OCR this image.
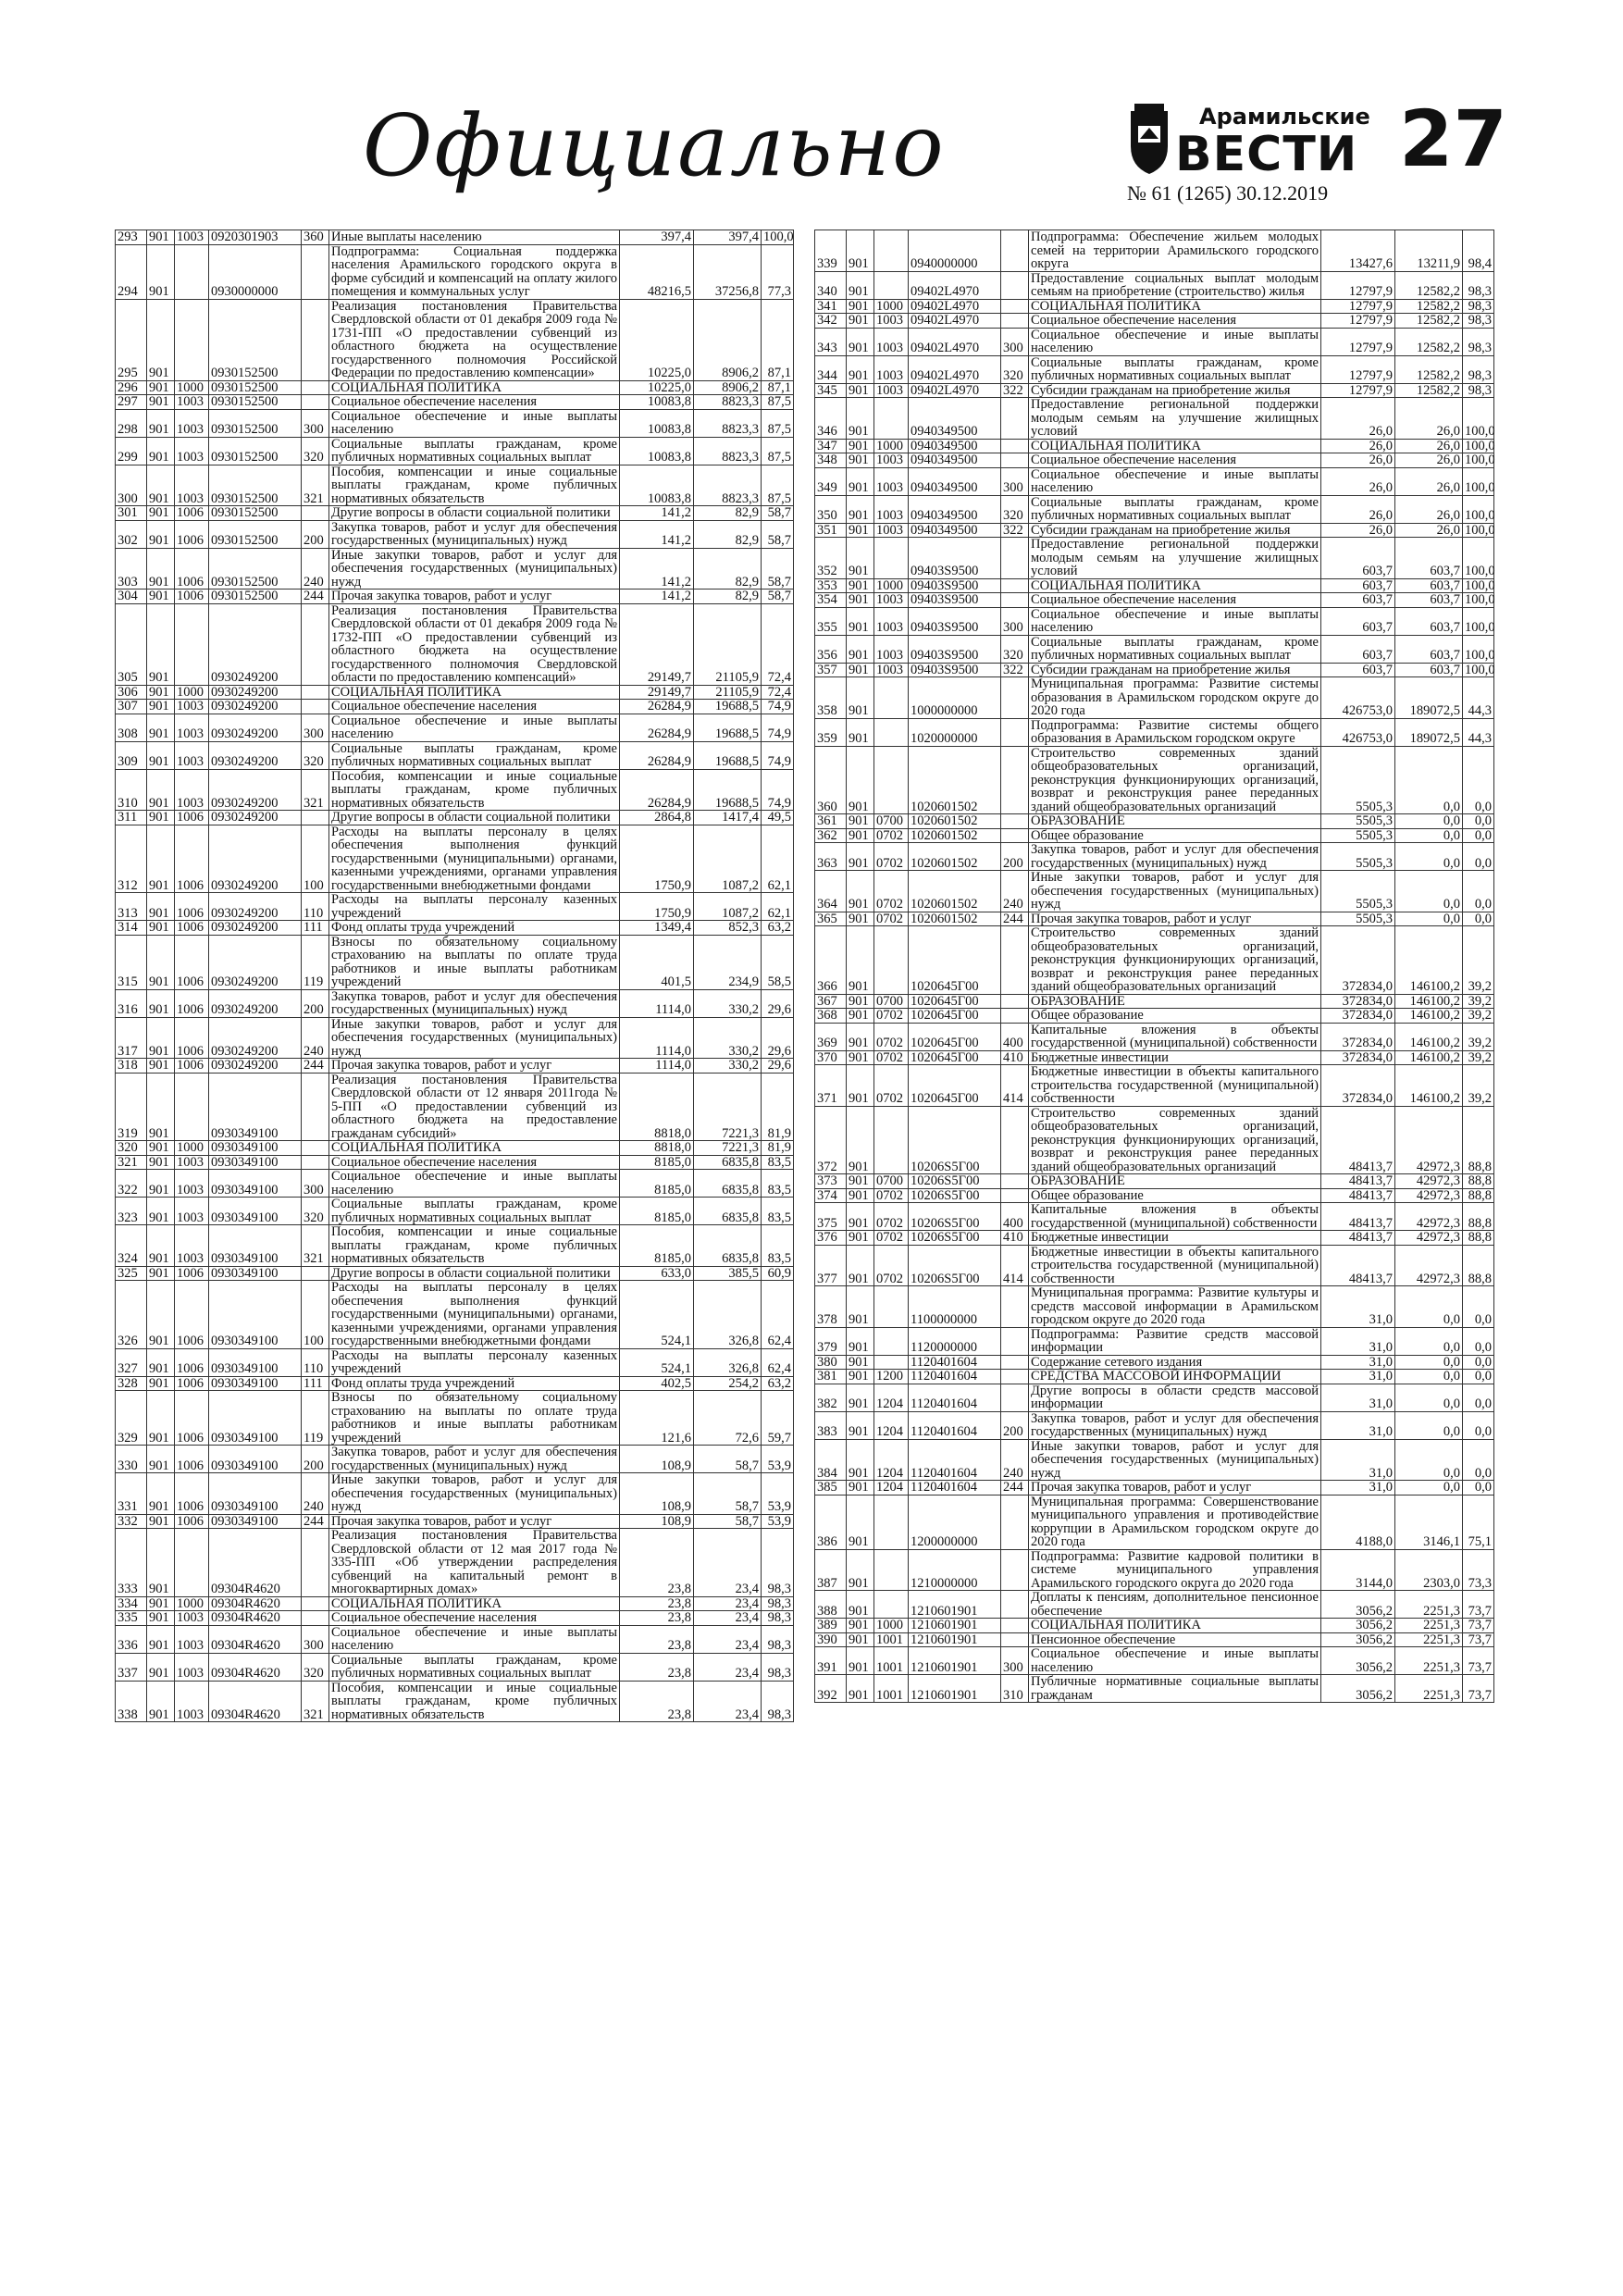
Официально	Арамильские
ВЕСТИ 27
№ 61 (1265) 30.12.2019
293	901	1003	0920301903	360	Иные выплаты населению	397,4	397,4	100,0
294	901		0930000000		Подпрограмма: Социальная поддержка населения Арамильского городского округа в форме субсидий и компенсаций на оплату жилого помещения и коммунальных услуг	48216,5	37256,8	77,3
295	901		0930152500		Реализация постановления Правительства Свердловской области от 01 декабря 2009 года № 1731-ПП «О предоставлении субвенций из областного бюджета на осуществление государственного полномочия Российской Федерации по предоставлению компенсации»	10225,0	8906,2	87,1
296	901	1000	0930152500		СОЦИАЛЬНАЯ ПОЛИТИКА	10225,0	8906,2	87,1
297	901	1003	0930152500		Социальное обеспечение населения	10083,8	8823,3	87,5
298	901	1003	0930152500	300	Социальное обеспечение и иные выплаты населению	10083,8	8823,3	87,5
299	901	1003	0930152500	320	Социальные выплаты гражданам, кроме публичных нормативных социальных выплат	10083,8	8823,3	87,5
300	901	1003	0930152500	321	Пособия, компенсации и иные социальные выплаты гражданам, кроме публичных нормативных обязательств	10083,8	8823,3	87,5
301	901	1006	0930152500		Другие вопросы в области социальной политики	141,2	82,9	58,7
302	901	1006	0930152500	200	Закупка товаров, работ и услуг для обеспечения государственных (муниципальных) нужд	141,2	82,9	58,7
303	901	1006	0930152500	240	Иные закупки товаров, работ и услуг для обеспечения государственных (муниципальных) нужд	141,2	82,9	58,7
304	901	1006	0930152500	244	Прочая закупка товаров, работ и услуг	141,2	82,9	58,7
305	901		0930249200		Реализация постановления Правительства Свердловской области от 01 декабря 2009 года № 1732-ПП «О предоставлении субвенций из областного бюджета на осуществление государственного полномочия Свердловской области по предоставлению компенсаций»	29149,7	21105,9	72,4
306	901	1000	0930249200		СОЦИАЛЬНАЯ ПОЛИТИКА	29149,7	21105,9	72,4
307	901	1003	0930249200		Социальное обеспечение населения	26284,9	19688,5	74,9
308	901	1003	0930249200	300	Социальное обеспечение и иные выплаты населению	26284,9	19688,5	74,9
309	901	1003	0930249200	320	Социальные выплаты гражданам, кроме публичных нормативных социальных выплат	26284,9	19688,5	74,9
310	901	1003	0930249200	321	Пособия, компенсации и иные социальные выплаты гражданам, кроме публичных нормативных обязательств	26284,9	19688,5	74,9
311	901	1006	0930249200		Другие вопросы в области социальной политики	2864,8	1417,4	49,5
312	901	1006	0930249200	100	Расходы на выплаты персоналу в целях обеспечения выполнения функций государственными (муниципальными) органами, казенными учреждениями, органами управления государственными внебюджетными фондами	1750,9	1087,2	62,1
313	901	1006	0930249200	110	Расходы на выплаты персоналу казенных учреждений	1750,9	1087,2	62,1
314	901	1006	0930249200	111	Фонд оплаты труда учреждений	1349,4	852,3	63,2
315	901	1006	0930249200	119	Взносы по обязательному социальному страхованию на выплаты по оплате труда работников и иные выплаты работникам учреждений	401,5	234,9	58,5
316	901	1006	0930249200	200	Закупка товаров, работ и услуг для обеспечения государственных (муниципальных) нужд	1114,0	330,2	29,6
317	901	1006	0930249200	240	Иные закупки товаров, работ и услуг для обеспечения государственных (муниципальных) нужд	1114,0	330,2	29,6
318	901	1006	0930249200	244	Прочая закупка товаров, работ и услуг	1114,0	330,2	29,6
319	901		0930349100		Реализация постановления Правительства Свердловской области от 12 января 2011года № 5-ПП «О предоставлении субвенций из областного бюджета на предоставление гражданам субсидий»	8818,0	7221,3	81,9
320	901	1000	0930349100		СОЦИАЛЬНАЯ ПОЛИТИКА	8818,0	7221,3	81,9
321	901	1003	0930349100		Социальное обеспечение населения	8185,0	6835,8	83,5
322	901	1003	0930349100	300	Социальное обеспечение и иные выплаты населению	8185,0	6835,8	83,5
323	901	1003	0930349100	320	Социальные выплаты гражданам, кроме публичных нормативных социальных выплат	8185,0	6835,8	83,5
324	901	1003	0930349100	321	Пособия, компенсации и иные социальные выплаты гражданам, кроме публичных нормативных обязательств	8185,0	6835,8	83,5
325	901	1006	0930349100		Другие вопросы в области социальной политики	633,0	385,5	60,9
326	901	1006	0930349100	100	Расходы на выплаты персоналу в целях обеспечения выполнения функций государственными (муниципальными) органами, казенными учреждениями, органами управления государственными внебюджетными фондами	524,1	326,8	62,4
327	901	1006	0930349100	110	Расходы на выплаты персоналу казенных учреждений	524,1	326,8	62,4
328	901	1006	0930349100	111	Фонд оплаты труда учреждений	402,5	254,2	63,2
329	901	1006	0930349100	119	Взносы по обязательному социальному страхованию на выплаты по оплате труда работников и иные выплаты работникам учреждений	121,6	72,6	59,7
330	901	1006	0930349100	200	Закупка товаров, работ и услуг для обеспечения государственных (муниципальных) нужд	108,9	58,7	53,9
331	901	1006	0930349100	240	Иные закупки товаров, работ и услуг для обеспечения государственных (муниципальных) нужд	108,9	58,7	53,9
332	901	1006	0930349100	244	Прочая закупка товаров, работ и услуг	108,9	58,7	53,9
333	901		09304R4620		Реализация постановления Правительства Свердловской области от 12 мая 2017 года № 335-ПП «Об утверждении распределения субвенций на капитальный ремонт в многоквартирных домах»	23,8	23,4	98,3
334	901	1000	09304R4620		СОЦИАЛЬНАЯ ПОЛИТИКА	23,8	23,4	98,3
335	901	1003	09304R4620		Социальное обеспечение населения	23,8	23,4	98,3
336	901	1003	09304R4620	300	Социальное обеспечение и иные выплаты населению	23,8	23,4	98,3
337	901	1003	09304R4620	320	Социальные выплаты гражданам, кроме публичных нормативных социальных выплат	23,8	23,4	98,3
338	901	1003	09304R4620	321	Пособия, компенсации и иные социальные выплаты гражданам, кроме публичных нормативных обязательств	23,8	23,4	98,3
339	901		0940000000		Подпрограмма: Обеспечение жильем молодых семей на территории Арамильского городского округа	13427,6	13211,9	98,4
340	901		09402L4970		Предоставление социальных выплат молодым семьям на приобретение (строительство) жилья	12797,9	12582,2	98,3
341	901	1000	09402L4970		СОЦИАЛЬНАЯ ПОЛИТИКА	12797,9	12582,2	98,3
342	901	1003	09402L4970		Социальное обеспечение населения	12797,9	12582,2	98,3
343	901	1003	09402L4970	300	Социальное обеспечение и иные выплаты населению	12797,9	12582,2	98,3
344	901	1003	09402L4970	320	Социальные выплаты гражданам, кроме публичных нормативных социальных выплат	12797,9	12582,2	98,3
345	901	1003	09402L4970	322	Субсидии гражданам на приобретение жилья	12797,9	12582,2	98,3
346	901		0940349500		Предоставление региональной поддержки молодым семьям на улучшение жилищных условий	26,0	26,0	100,0
347	901	1000	0940349500		СОЦИАЛЬНАЯ ПОЛИТИКА	26,0	26,0	100,0
348	901	1003	0940349500		Социальное обеспечение населения	26,0	26,0	100,0
349	901	1003	0940349500	300	Социальное обеспечение и иные выплаты населению	26,0	26,0	100,0
350	901	1003	0940349500	320	Социальные выплаты гражданам, кроме публичных нормативных социальных выплат	26,0	26,0	100,0
351	901	1003	0940349500	322	Субсидии гражданам на приобретение жилья	26,0	26,0	100,0
352	901		09403S9500		Предоставление региональной поддержки молодым семьям на улучшение жилищных условий	603,7	603,7	100,0
353	901	1000	09403S9500		СОЦИАЛЬНАЯ ПОЛИТИКА	603,7	603,7	100,0
354	901	1003	09403S9500		Социальное обеспечение населения	603,7	603,7	100,0
355	901	1003	09403S9500	300	Социальное обеспечение и иные выплаты населению	603,7	603,7	100,0
356	901	1003	09403S9500	320	Социальные выплаты гражданам, кроме публичных нормативных социальных выплат	603,7	603,7	100,0
357	901	1003	09403S9500	322	Субсидии гражданам на приобретение жилья	603,7	603,7	100,0
358	901		1000000000		Муниципальная программа: Развитие системы образования в Арамильском городском округе до 2020 года	426753,0	189072,5	44,3
359	901		1020000000		Подпрограмма: Развитие системы общего образования в Арамильском городском округе	426753,0	189072,5	44,3
360	901		1020601502		Строительство современных зданий общеобразовательных организаций, реконструкция функционирующих организаций, возврат и реконструкция ранее переданных зданий общеобразовательных организаций	5505,3	0,0	0,0
361	901	0700	1020601502		ОБРАЗОВАНИЕ	5505,3	0,0	0,0
362	901	0702	1020601502		Общее образование	5505,3	0,0	0,0
363	901	0702	1020601502	200	Закупка товаров, работ и услуг для обеспечения государственных (муниципальных) нужд	5505,3	0,0	0,0
364	901	0702	1020601502	240	Иные закупки товаров, работ и услуг для обеспечения государственных (муниципальных) нужд	5505,3	0,0	0,0
365	901	0702	1020601502	244	Прочая закупка товаров, работ и услуг	5505,3	0,0	0,0
366	901		1020645Г00		Строительство современных зданий общеобразовательных организаций, реконструкция функционирующих организаций, возврат и реконструкция ранее переданных зданий общеобразовательных организаций	372834,0	146100,2	39,2
367	901	0700	1020645Г00		ОБРАЗОВАНИЕ	372834,0	146100,2	39,2
368	901	0702	1020645Г00		Общее образование	372834,0	146100,2	39,2
369	901	0702	1020645Г00	400	Капитальные вложения в объекты государственной (муниципальной) собственности	372834,0	146100,2	39,2
370	901	0702	1020645Г00	410	Бюджетные инвестиции	372834,0	146100,2	39,2
371	901	0702	1020645Г00	414	Бюджетные инвестиции в объекты капитального строительства государственной (муниципальной) собственности	372834,0	146100,2	39,2
372	901		10206S5Г00		Строительство современных зданий общеобразовательных организаций, реконструкция функционирующих организаций, возврат и реконструкция ранее переданных зданий общеобразовательных организаций	48413,7	42972,3	88,8
373	901	0700	10206S5Г00		ОБРАЗОВАНИЕ	48413,7	42972,3	88,8
374	901	0702	10206S5Г00		Общее образование	48413,7	42972,3	88,8
375	901	0702	10206S5Г00	400	Капитальные вложения в объекты государственной (муниципальной) собственности	48413,7	42972,3	88,8
376	901	0702	10206S5Г00	410	Бюджетные инвестиции	48413,7	42972,3	88,8
377	901	0702	10206S5Г00	414	Бюджетные инвестиции в объекты капитального строительства государственной (муниципальной) собственности	48413,7	42972,3	88,8
378	901		1100000000		Муниципальная программа: Развитие культуры и средств массовой информации в Арамильском городском округе до 2020 года	31,0	0,0	0,0
379	901		1120000000		Подпрограмма: Развитие средств массовой информации	31,0	0,0	0,0
380	901		1120401604		Содержание сетевого издания	31,0	0,0	0,0
381	901	1200	1120401604		СРЕДСТВА МАССОВОЙ ИНФОРМАЦИИ	31,0	0,0	0,0
382	901	1204	1120401604		Другие вопросы в области средств массовой информации	31,0	0,0	0,0
383	901	1204	1120401604	200	Закупка товаров, работ и услуг для обеспечения государственных (муниципальных) нужд	31,0	0,0	0,0
384	901	1204	1120401604	240	Иные закупки товаров, работ и услуг для обеспечения государственных (муниципальных) нужд	31,0	0,0	0,0
385	901	1204	1120401604	244	Прочая закупка товаров, работ и услуг	31,0	0,0	0,0
386	901		1200000000		Муниципальная программа: Совершенствование муниципального управления и противодействие коррупции в Арамильском городском округе до 2020 года	4188,0	3146,1	75,1
387	901		1210000000		Подпрограмма: Развитие кадровой политики в системе муниципального управления Арамильского городского округа до 2020 года	3144,0	2303,0	73,3
388	901		1210601901		Доплаты к пенсиям, дополнительное пенсионное обеспечение	3056,2	2251,3	73,7
389	901	1000	1210601901		СОЦИАЛЬНАЯ ПОЛИТИКА	3056,2	2251,3	73,7
390	901	1001	1210601901		Пенсионное обеспечение	3056,2	2251,3	73,7
391	901	1001	1210601901	300	Социальное обеспечение и иные выплаты населению	3056,2	2251,3	73,7
392	901	1001	1210601901	310	Публичные нормативные социальные выплаты гражданам	3056,2	2251,3	73,7
